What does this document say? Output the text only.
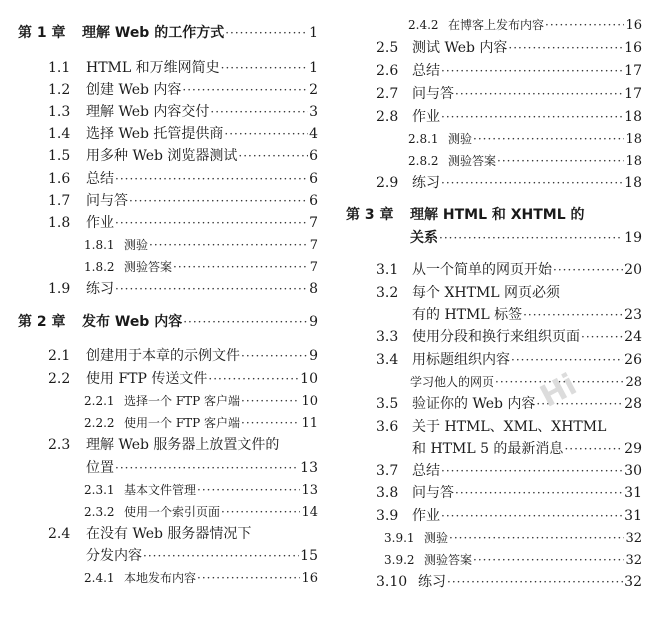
第 1 章 理解 Web 的工作方式 ·····	1
1.1 HTML 和万维网简史 ·····	1
1.2 创建 Web 内容 ·····	2
1.3 理解 Web 内容交付 ·····	3
1.4 选择 Web 托管提供商 ·····	4
1.5 用多种 Web 浏览器测试 ·····	6
1.6 总结 ·····	6
1.7 问与答 ·····	6
1.8 作业 ·····	7
1.8.1 测验 ·····	7
1.8.2 测验答案 ·····	7
1.9 练习 ·····	8
第 2 章 发布 Web 内容 ·····	9
2.1 创建用于本章的示例文件 ·····	9
2.2 使用 FTP 传送文件 ·····	10
2.2.1 选择一个 FTP 客户端 ·····	10
2.2.2 使用一个 FTP 客户端 ·····	11
2.3 理解 Web 服务器上放置文件的
位置 ·····	13
2.3.1 基本文件管理 ·····	13
2.3.2 使用一个索引页面 ·····	14
2.4 在没有 Web 服务器情况下
分发内容 ·····	15
2.4.1 本地发布内容 ·····	16
2.4.2 在博客上发布内容 ·····	16
2.5 测试 Web 内容 ·····	16
2.6 总结 ·····	17
2.7 问与答 ·····	17
2.8 作业 ·····	18
2.8.1 测验 ·····	18
2.8.2 测验答案 ·····	18
2.9 练习 ·····	18
第 3 章 理解 HTML 和 XHTML 的
关系 ·····	19
3.1 从一个简单的网页开始 ·····	20
3.2 每个 XHTML 网页必须
有的 HTML 标签 ·····	23
3.3 使用分段和换行来组织页面 ·····	24
3.4 用标题组织内容 ·····	26
学习他人的网页 ·····	28
3.5 验证你的 Web 内容 ·····	28
3.6 关于 HTML、XML、XHTML
和 HTML 5 的最新消息 ·····	29
3.7 总结 ·····	30
3.8 问与答 ·····	31
3.9 作业 ·····	31
3.9.1 测验 ·····	32
3.9.2 测验答案 ·····	32
3.10 练习 ·····	32
Hi
